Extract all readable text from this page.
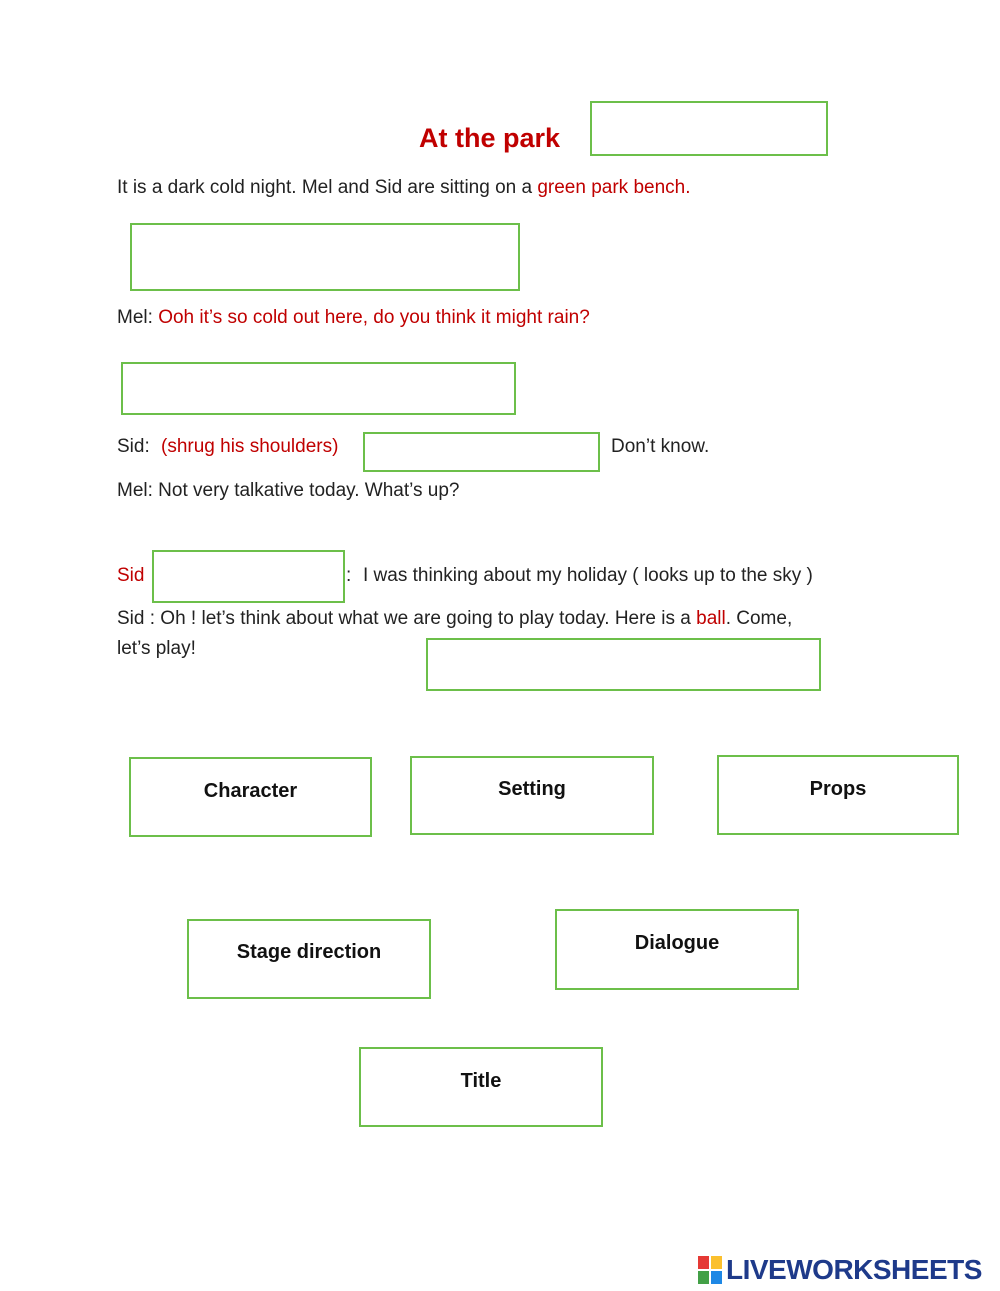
At the park
It is a dark cold night. Mel and Sid are sitting on a green park bench.
Mel: Ooh it’s so cold out here, do you think it might rain?
Sid: (shrug his shoulders)	Don’t know.
Mel: Not very talkative today. What’s up?
Sid	: I was thinking about my holiday ( looks up to the sky )
Sid : Oh ! let’s think about what we are going to play today. Here is a ball. Come,
let’s play!
Character	Setting	Props
Stage direction	Dialogue
Title
LIVEWORKSHEETS
